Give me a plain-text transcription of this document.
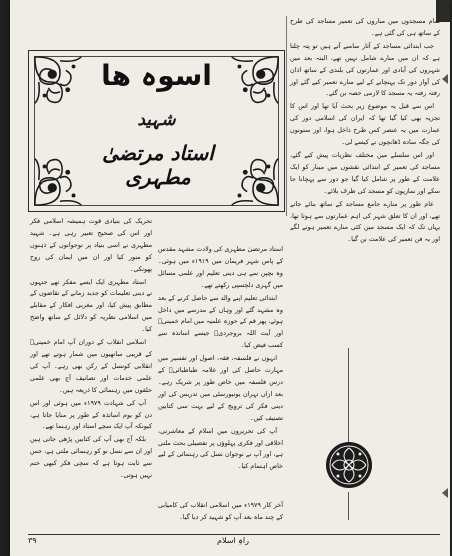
تمام مسجدوں میں مناروں کی تعمیر مساجد کی طرح کے ساتھ ہی کی گئی ہے۔

جب ابتدائی مساجد کے آثار سامنے آتے ہیں تو پتہ چلتا ہے کہ ان میں منارے شامل نہیں تھے، البتہ بعد میں شہروں کی آبادی اور عمارتوں کی بلندی کے ساتھ اذان کی آواز دور تک پہنچانے کے لیے منارے تعمیر کیے گئے اور رفتہ رفتہ یہ مسجد کا لازمی حصہ بن گئے۔

اس سے قبل یہ موضوع زیر بحث آیا تھا اور اس کا تجزیہ بھی کیا گیا تھا کہ ایران کی اسلامی دور کی عمارت میں یہ عنصر کس طرح داخل ہوا، اور ستونوں کی جگہ سادہ ڈھانچوں نے کیسے لی۔

اور اس سلسلے میں مختلف نظریات پیش کیے گئے، مساجد کی تعمیر کے ابتدائی نقشوں میں مینار کو ایک علامت کے طور پر شامل کیا گیا جو دور سے پہچانا جا سکے اور نمازیوں کو مسجد کی طرف بلائے۔

عام طور پر منارے جامع مساجد کے ساتھ بنائے جاتے تھے، اور ان کا تعلق شہر کی اہم عمارتوں سے ہوتا تھا، یہاں تک کہ ایک مسجد میں کئی منارے تعمیر ہونے لگے اور یہ فن تعمیر کی علامت بن گیا۔

اسوہ ھا
شہید
استاد مرتضیٰ مطہری

استاد مرتضیٰ مطہری کی ولادت مشہد مقدس کے پاس شہر فریمان میں ۱۹۱۹ء میں ہوئی۔ وہ بچپن سے ہی دینی تعلیم اور علمی مسائل میں گہری دلچسپی رکھتے تھے۔

ابتدائی تعلیم اپنے والد سے حاصل کرنے کے بعد وہ مشہد گئے اور وہاں کے مدرسے میں داخل ہوئے، پھر قم کے حوزہ علمیہ میں امام خمینیؒ اور آیت اللہ بروجردیؒ جیسے اساتذہ سے کسب فیض کیا۔

انہوں نے فلسفہ، فقہ، اصول اور تفسیر میں مہارت حاصل کی اور علامہ طباطبائیؒ کے درس فلسفہ میں خاص طور پر شریک رہے۔ بعد ازاں تہران یونیورسٹی میں تدریس کی اور دینی فکر کی ترویج کے لیے بہت سی کتابیں تصنیف کیں۔

آپ کی تحریروں میں اسلام کے معاشرتی، اخلاقی اور فکری پہلوؤں پر تفصیلی بحث ملتی ہے، اور آپ نے نوجوان نسل کی رہنمائی کے لیے خاص اہتمام کیا۔

تحریک کی بنیادی قوت ہمیشہ اسلامی فکر اور اس کی صحیح تعبیر رہی ہے۔ شہید مطہری نے اسی بنیاد پر نوجوانوں کے ذہنوں کو منور کیا اور ان میں ایمان کی روح پھونکی۔

استاد مطہری ایک ایسے مفکر تھے جنہوں نے دینی تعلیمات کو جدید زمانے کے تقاضوں کے مطابق پیش کیا، اور مغربی افکار کے مقابلے میں اسلامی نظریہ کو دلائل کے ساتھ واضح کیا۔

اسلامی انقلاب کے دوران آپ امام خمینیؒ کے قریبی ساتھیوں میں شمار ہوتے تھے اور انقلابی کونسل کے رکن بھی رہے۔ آپ کی علمی خدمات اور تصانیف آج بھی علمی حلقوں میں رہنمائی کا ذریعہ ہیں۔

آپ کی شہادت ۱۹۷۹ء میں ہوئی اور اس دن کو یوم اساتذہ کے طور پر منایا جاتا ہے، کیونکہ آپ ایک سچے استاد اور رہنما تھے۔

بلکہ آج بھی آپ کی کتابیں پڑھی جاتی ہیں اور ان سے نسل نو کو رہنمائی ملتی ہے، جس سے ثابت ہوتا ہے کہ سچی فکر کبھی ختم نہیں ہوتی۔

آخر کار ۱۹۷۹ء میں اسلامی انقلاب کی کامیابی کے چند ماہ بعد آپ کو شہید کر دیا گیا۔

۳۹	راہِ اسلام
